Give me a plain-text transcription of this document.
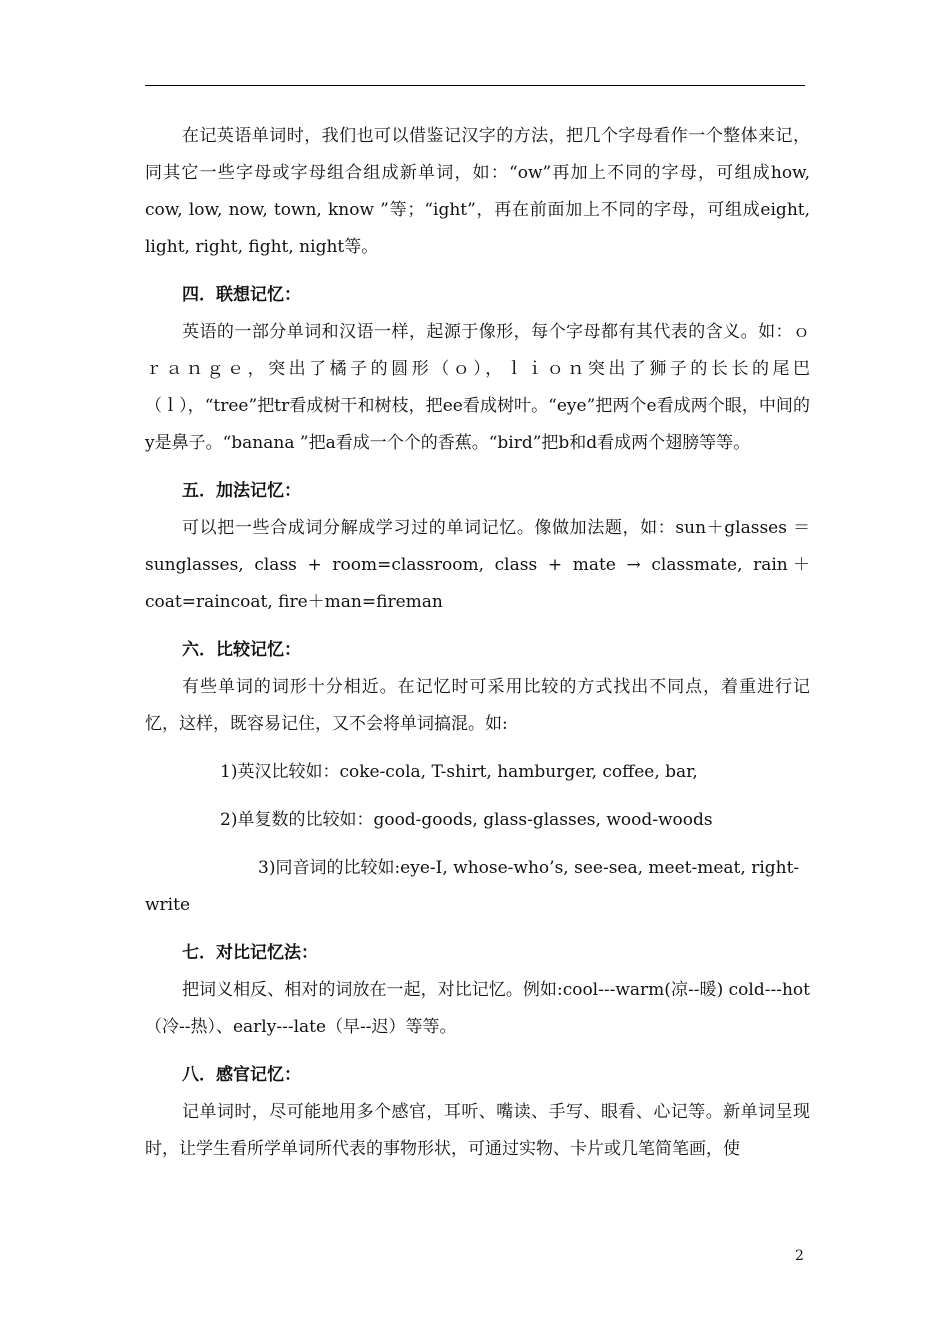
在记英语单词时，我们也可以借鉴记汉字的方法，把几个字母看作一个整体来记，同其它一些字母或字母组合组成新单词，如：“ow”再加上不同的字母，可组成how, cow, low, now, town, know ”等；“ight”，再在前面加上不同的字母，可组成eight, light, right, fight, night等。

四．联想记忆：

英语的一部分单词和汉语一样，起源于像形，每个字母都有其代表的含义。如：ｏｒａｎｇｅ，突出了橘子的圆形（ｏ），ｌｉｏｎ突出了狮子的长长的尾巴（ｌ），“tree”把tr看成树干和树枝，把ee看成树叶。“eye”把两个e看成两个眼，中间的y是鼻子。“banana ”把a看成一个个的香蕉。“bird”把b和d看成两个翅膀等等。

五．加法记忆：

可以把一些合成词分解成学习过的单词记忆。像做加法题，如：sun＋glasses ＝sunglasses, class + room=classroom, class + mate → classmate, rain＋coat=raincoat, fire＋man=fireman

六．比较记忆：

有些单词的词形十分相近。在记忆时可采用比较的方式找出不同点，着重进行记忆，这样，既容易记住，又不会将单词搞混。如:

1)英汉比较如：coke-cola, T-shirt, hamburger, coffee, bar,
2)单复数的比较如：good-goods, glass-glasses, wood-woods
3)同音词的比较如:eye-I, whose-who’s, see-sea, meet-meat, right-write
七．对比记忆法：

把词义相反、相对的词放在一起，对比记忆。例如:cool---warm(凉--暖) cold---hot（冷--热）、early---late（早--迟）等等。

八．感官记忆：

记单词时，尽可能地用多个感官，耳听、嘴读、手写、眼看、心记等。新单词呈现时，让学生看所学单词所代表的事物形状，可通过实物、卡片或几笔简笔画，使

2
